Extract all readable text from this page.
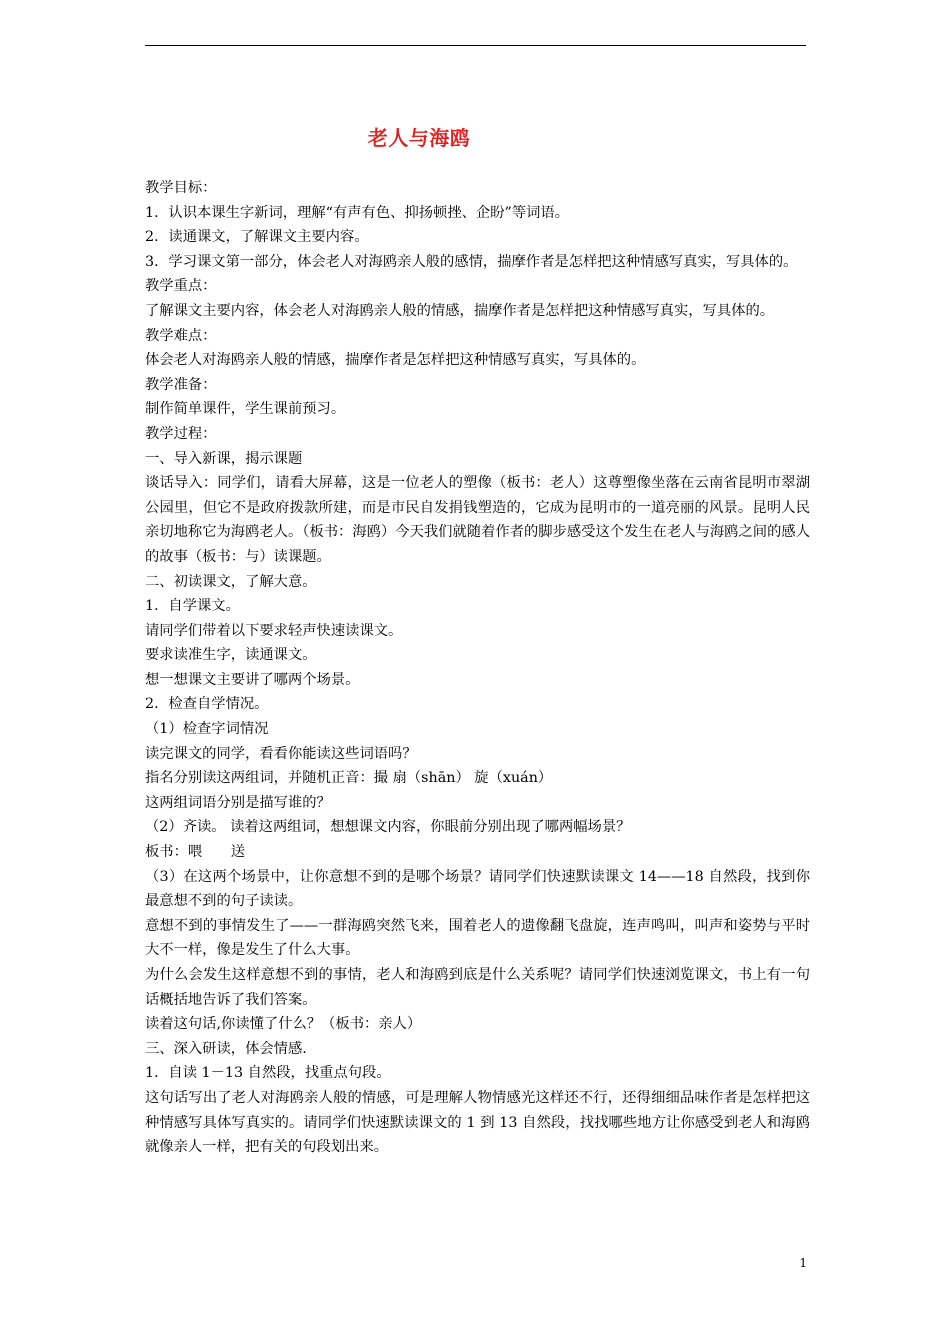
老人与海鸥

教学目标：

1．认识本课生字新词，理解“有声有色、抑扬顿挫、企盼”等词语。

2．读通课文，了解课文主要内容。

3．学习课文第一部分，体会老人对海鸥亲人般的感情，揣摩作者是怎样把这种情感写真实，写具体的。

教学重点：

了解课文主要内容，体会老人对海鸥亲人般的情感，揣摩作者是怎样把这种情感写真实，写具体的。

教学难点：

体会老人对海鸥亲人般的情感，揣摩作者是怎样把这种情感写真实，写具体的。

教学准备：

制作简单课件，学生课前预习。

教学过程：

一、导入新课，揭示课题

谈话导入：同学们，请看大屏幕，这是一位老人的塑像（板书：老人）这尊塑像坐落在云南省昆明市翠湖公园里，但它不是政府拨款所建，而是市民自发捐钱塑造的，它成为昆明市的一道亮丽的风景。昆明人民亲切地称它为海鸥老人。（板书：海鸥）今天我们就随着作者的脚步感受这个发生在老人与海鸥之间的感人的故事（板书：与）读课题。

二、初读课文，了解大意。

1．自学课文。

请同学们带着以下要求轻声快速读课文。

要求读准生字，读通课文。

想一想课文主要讲了哪两个场景。

2．检查自学情况。

（1）检查字词情况

读完课文的同学，看看你能读这些词语吗？

指名分别读这两组词，并随机正音：撮 扇（shān） 旋（xuán）

这两组词语分别是描写谁的？

（2）齐读。 读着这两组词，想想课文内容，你眼前分别出现了哪两幅场景？

板书：喂　　送

（3）在这两个场景中，让你意想不到的是哪个场景？请同学们快速默读课文 14——18 自然段，找到你最意想不到的句子读读。

意想不到的事情发生了——一群海鸥突然飞来，围着老人的遗像翻飞盘旋，连声鸣叫，叫声和姿势与平时大不一样，像是发生了什么大事。

为什么会发生这样意想不到的事情，老人和海鸥到底是什么关系呢？请同学们快速浏览课文，书上有一句话概括地告诉了我们答案。

读着这句话,你读懂了什么？（板书：亲人）

三、深入研读，体会情感.

1．自读 1－13 自然段，找重点句段。

这句话写出了老人对海鸥亲人般的情感，可是理解人物情感光这样还不行，还得细细品味作者是怎样把这种情感写具体写真实的。请同学们快速默读课文的 1 到 13 自然段，找找哪些地方让你感受到老人和海鸥就像亲人一样，把有关的句段划出来。

1
